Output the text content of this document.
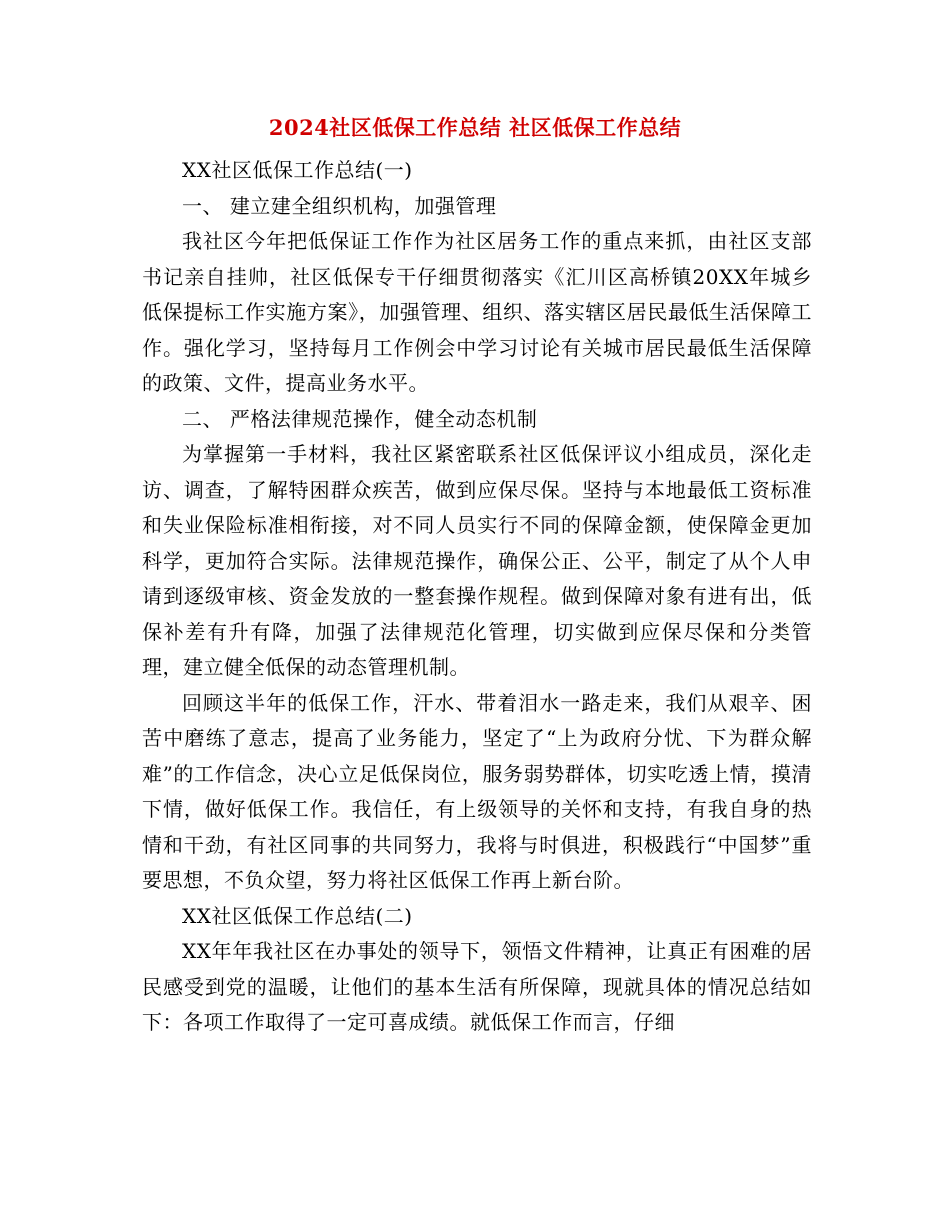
2024社区低保工作总结 社区低保工作总结

XX社区低保工作总结(一)

一、 建立建全组织机构，加强管理

我社区今年把低保证工作作为社区居务工作的重点来抓，由社区支部书记亲自挂帅，社区低保专干仔细贯彻落实《汇川区高桥镇20XX年城乡低保提标工作实施方案》，加强管理、组织、落实辖区居民最低生活保障工作。强化学习，坚持每月工作例会中学习讨论有关城市居民最低生活保障的政策、文件，提高业务水平。

二、 严格法律规范操作，健全动态机制

为掌握第一手材料，我社区紧密联系社区低保评议小组成员，深化走访、调查，了解特困群众疾苦，做到应保尽保。坚持与本地最低工资标准和失业保险标准相衔接，对不同人员实行不同的保障金额，使保障金更加科学，更加符合实际。法律规范操作，确保公正、公平，制定了从个人申请到逐级审核、资金发放的一整套操作规程。做到保障对象有进有出，低保补差有升有降，加强了法律规范化管理，切实做到应保尽保和分类管理，建立健全低保的动态管理机制。

回顾这半年的低保工作，汗水、带着泪水一路走来，我们从艰辛、困苦中磨练了意志，提高了业务能力，坚定了“上为政府分忧、下为群众解难”的工作信念，决心立足低保岗位，服务弱势群体，切实吃透上情，摸清下情，做好低保工作。我信任，有上级领导的关怀和支持，有我自身的热情和干劲，有社区同事的共同努力，我将与时俱进，积极践行“中国梦”重要思想，不负众望，努力将社区低保工作再上新台阶。

XX社区低保工作总结(二)

XX年年我社区在办事处的领导下，领悟文件精神，让真正有困难的居民感受到党的温暖，让他们的基本生活有所保障，现就具体的情况总结如下：各项工作取得了一定可喜成绩。就低保工作而言，仔细
